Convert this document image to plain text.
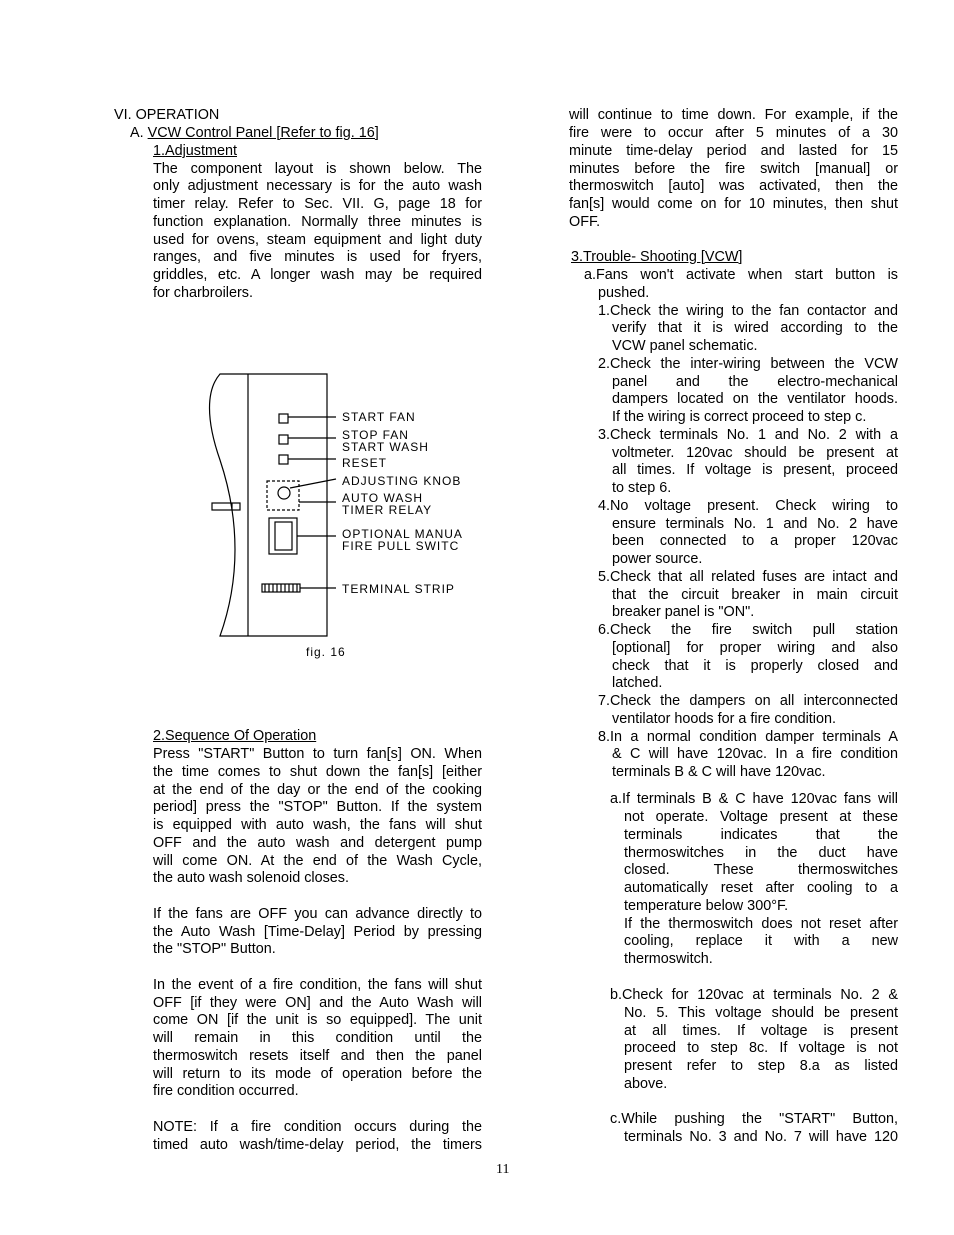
START FAN
STOP FAN
START WASH
RESET
ADJUSTING KNOB
AUTO WASH
TIMER RELAY
OPTIONAL MANUA
FIRE PULL SWITC
TERMINAL STRIP
fig. 16
VI. OPERATION
A. VCW Control Panel [Refer to fig. 16]
1.Adjustment
The component layout is shown below. The
only adjustment necessary is for the auto wash
timer relay. Refer to Sec. VII. G, page 18 for
function explanation. Normally three minutes is
used for ovens, steam equipment and light duty
ranges, and five minutes is used for fryers,
griddles, etc. A longer wash may be required
for charbroilers.
2.Sequence Of Operation
Press "START" Button to turn fan[s] ON. When
the time comes to shut down the fan[s] [either
at the end of the day or the end of the cooking
period] press the "STOP" Button. If the system
is equipped with auto wash, the fans will shut
OFF and the auto wash and detergent pump
will come ON. At the end of the Wash Cycle,
the auto wash solenoid closes.
If the fans are OFF you can advance directly to
the Auto Wash [Time-Delay] Period by pressing
the "STOP" Button.
In the event of a fire condition, the fans will shut
OFF [if they were ON] and the Auto Wash will
come ON [if the unit is so equipped]. The unit
will remain in this condition until the
thermoswitch resets itself and then the panel
will return to its mode of operation before the
fire condition occurred.
NOTE: If a fire condition occurs during the
timed auto wash/time-delay period, the timers
will continue to time down. For example, if the
fire were to occur after 5 minutes of a 30
minute time-delay period and lasted for 15
minutes before the fire switch [manual] or
thermoswitch [auto] was activated, then the
fan[s] would come on for 10 minutes, then shut
OFF.
3.Trouble- Shooting [VCW]
a.Fans won't activate when start button is
pushed.
1.Check the wiring to the fan contactor and
verify that it is wired according to the
VCW panel schematic.
2.Check the inter-wiring between the VCW
panel and the electro-mechanical
dampers located on the ventilator hoods.
If the wiring is correct proceed to step c.
3.Check terminals No. 1 and No. 2 with a
voltmeter. 120vac should be present at
all times. If voltage is present, proceed
to step 6.
4.No voltage present. Check wiring to
ensure terminals No. 1 and No. 2 have
been connected to a proper 120vac
power source.
5.Check that all related fuses are intact and
that the circuit breaker in main circuit
breaker panel is "ON".
6.Check the fire switch pull station
[optional] for proper wiring and also
check that it is properly closed and
latched.
7.Check the dampers on all interconnected
ventilator hoods for a fire condition.
8.In a normal condition damper terminals A
& C will have 120vac. In a fire condition
terminals B & C will have 120vac.
a.If terminals B & C have 120vac fans will
not operate. Voltage present at these
terminals indicates that the
thermoswitches in the duct have
closed. These thermoswitches
automatically reset after cooling to a
temperature below 300°F.
If the thermoswitch does not reset after
cooling, replace it with a new
thermoswitch.
b.Check for 120vac at terminals No. 2 &
No. 5. This voltage should be present
at all times. If voltage is present
proceed to step 8c. If voltage is not
present refer to step 8.a as listed
above.
c.While pushing the "START" Button,
terminals No. 3 and No. 7 will have 120
11
